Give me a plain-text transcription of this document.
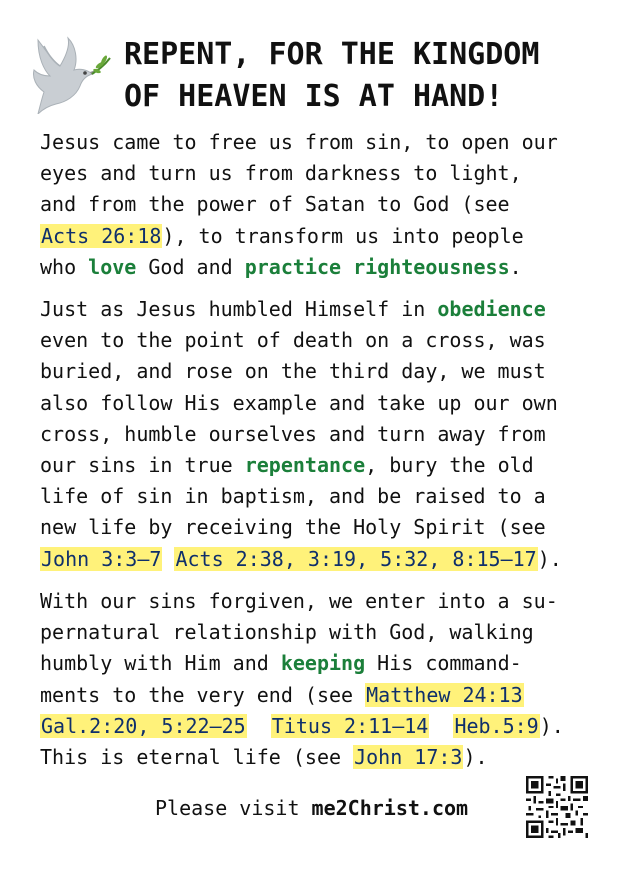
REPENT, FOR THE KINGDOM
OF HEAVEN IS AT HAND!
Jesus came to free us from sin, to open our
eyes and turn us from darkness to light,
and from the power of Satan to God (see
Acts 26:18), to transform us into people
who love God and practice righteousness.
Just as Jesus humbled Himself in obedience
even to the point of death on a cross, was
buried, and rose on the third day, we must
also follow His example and take up our own
cross, humble ourselves and turn away from
our sins in true repentance, bury the old
life of sin in baptism, and be raised to a
new life by receiving the Holy Spirit (see
John 3:3–7 Acts 2:38, 3:19, 5:32, 8:15–17).
With our sins forgiven, we enter into a su-
pernatural relationship with God, walking
humbly with Him and keeping His command-
ments to the very end (see Matthew 24:13
Gal.2:20, 5:22–25 Titus 2:11–14 Heb.5:9).
This is eternal life (see John 17:3).
Please visit me2Christ.com
